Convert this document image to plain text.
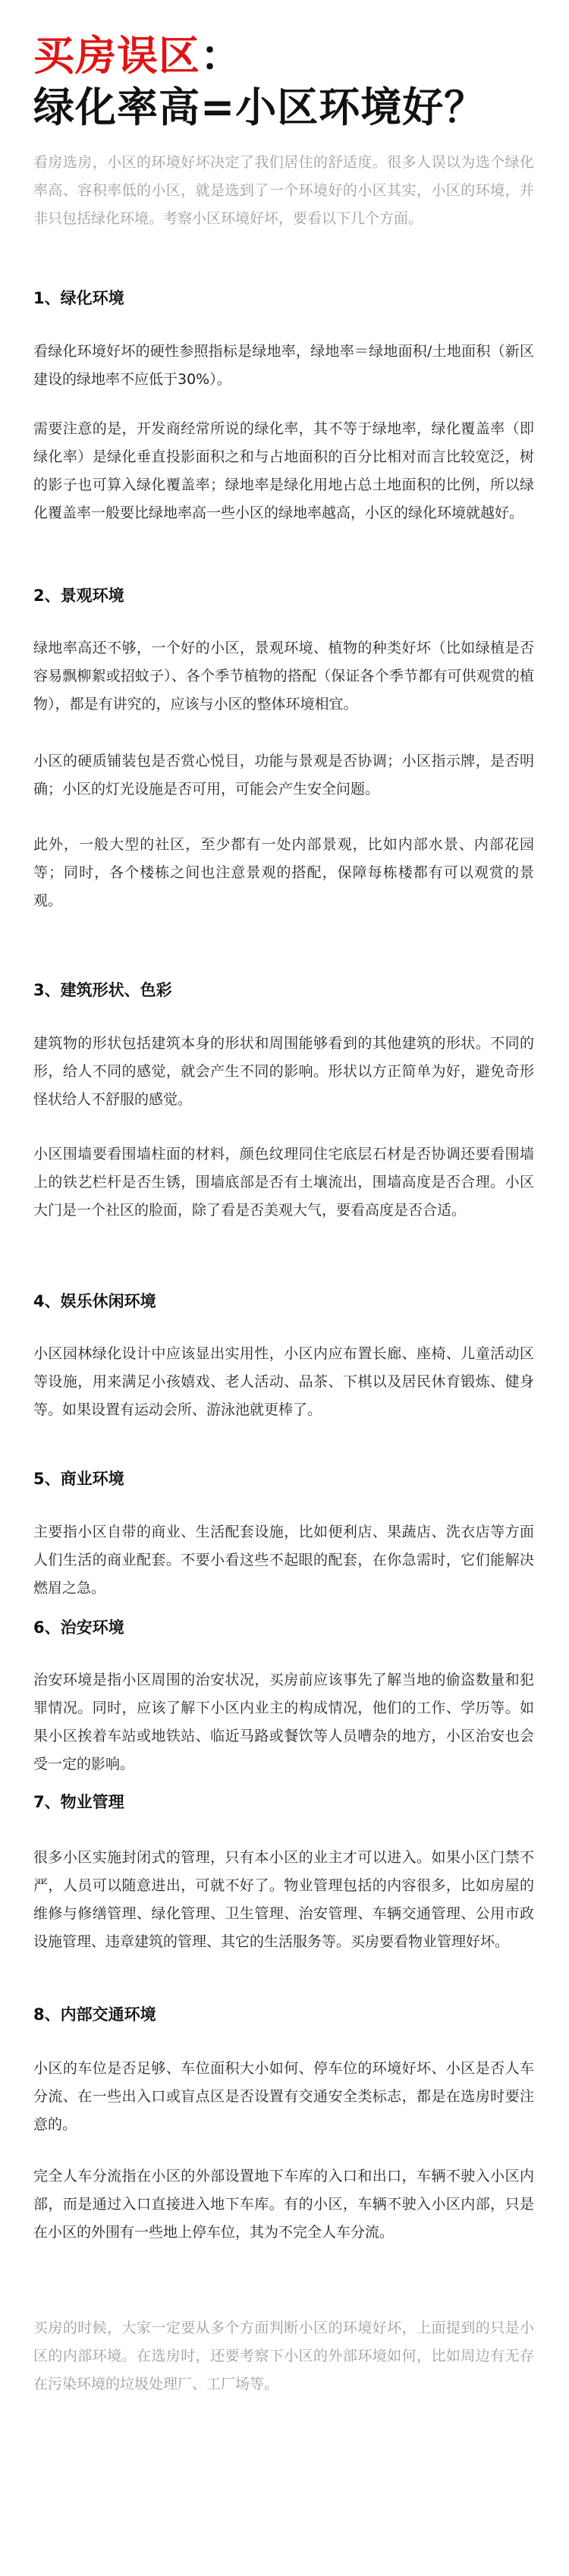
买房误区：
绿化率高=小区环境好？

看房选房，小区的环境好坏决定了我们居住的舒适度。很多人误以为选个绿化率高、容积率低的小区，就是选到了一个环境好的小区其实，小区的环境，并非只包括绿化环境。考察小区环境好坏，要看以下几个方面。

1、绿化环境

看绿化环境好坏的硬性参照指标是绿地率，绿地率＝绿地面积/土地面积（新区建设的绿地率不应低于30%）。

需要注意的是，开发商经常所说的绿化率，其不等于绿地率，绿化覆盖率（即绿化率）是绿化垂直投影面积之和与占地面积的百分比相对而言比较宽泛，树的影子也可算入绿化覆盖率；绿地率是绿化用地占总土地面积的比例，所以绿化覆盖率一般要比绿地率高一些小区的绿地率越高，小区的绿化环境就越好。

2、景观环境

绿地率高还不够，一个好的小区，景观环境、植物的种类好坏（比如绿植是否容易飘柳絮或招蚊子）、各个季节植物的搭配（保证各个季节都有可供观赏的植物），都是有讲究的，应该与小区的整体环境相宜。

小区的硬质铺装包是否赏心悦目，功能与景观是否协调；小区指示牌，是否明确；小区的灯光设施是否可用，可能会产生安全问题。

此外，一般大型的社区，至少都有一处内部景观，比如内部水景、内部花园等；同时，各个楼栋之间也注意景观的搭配，保障每栋楼都有可以观赏的景观。

3、建筑形状、色彩

建筑物的形状包括建筑本身的形状和周围能够看到的其他建筑的形状。不同的形，给人不同的感觉，就会产生不同的影响。形状以方正简单为好，避免奇形怪状给人不舒服的感觉。

小区围墙要看围墙柱面的材料，颜色纹理同住宅底层石材是否协调还要看围墙上的铁艺栏杆是否生锈，围墙底部是否有土壤流出，围墙高度是否合理。小区大门是一个社区的脸面，除了看是否美观大气，要看高度是否合适。

4、娱乐休闲环境

小区园林绿化设计中应该显出实用性，小区内应布置长廊、座椅、儿童活动区等设施，用来满足小孩嬉戏、老人活动、品茶、下棋以及居民休育锻炼、健身等。如果设置有运动会所、游泳池就更棒了。

5、商业环境

主要指小区自带的商业、生活配套设施，比如便利店、果蔬店、洗衣店等方面人们生活的商业配套。不要小看这些不起眼的配套，在你急需时，它们能解决燃眉之急。

6、治安环境

治安环境是指小区周围的治安状况，买房前应该事先了解当地的偷盗数量和犯罪情况。同时，应该了解下小区内业主的构成情况，他们的工作、学历等。如果小区挨着车站或地铁站、临近马路或餐饮等人员嘈杂的地方，小区治安也会受一定的影响。

7、物业管理

很多小区实施封闭式的管理，只有本小区的业主才可以进入。如果小区门禁不严，人员可以随意进出，可就不好了。物业管理包括的内容很多，比如房屋的维修与修缮管理、绿化管理、卫生管理、治安管理、车辆交通管理、公用市政设施管理、违章建筑的管理、其它的生活服务等。买房要看物业管理好坏。

8、内部交通环境

小区的车位是否足够、车位面积大小如何、停车位的环境好坏、小区是否人车分流、在一些出入口或盲点区是否设置有交通安全类标志，都是在选房时要注意的。

完全人车分流指在小区的外部设置地下车库的入口和出口，车辆不驶入小区内部，而是通过入口直接进入地下车库。有的小区，车辆不驶入小区内部，只是在小区的外围有一些地上停车位，其为不完全人车分流。

买房的时候，大家一定要从多个方面判断小区的环境好坏，上面提到的只是小区的内部环境。在选房时，还要考察下小区的外部环境如何，比如周边有无存在污染环境的垃圾处理厂、工厂场等。
